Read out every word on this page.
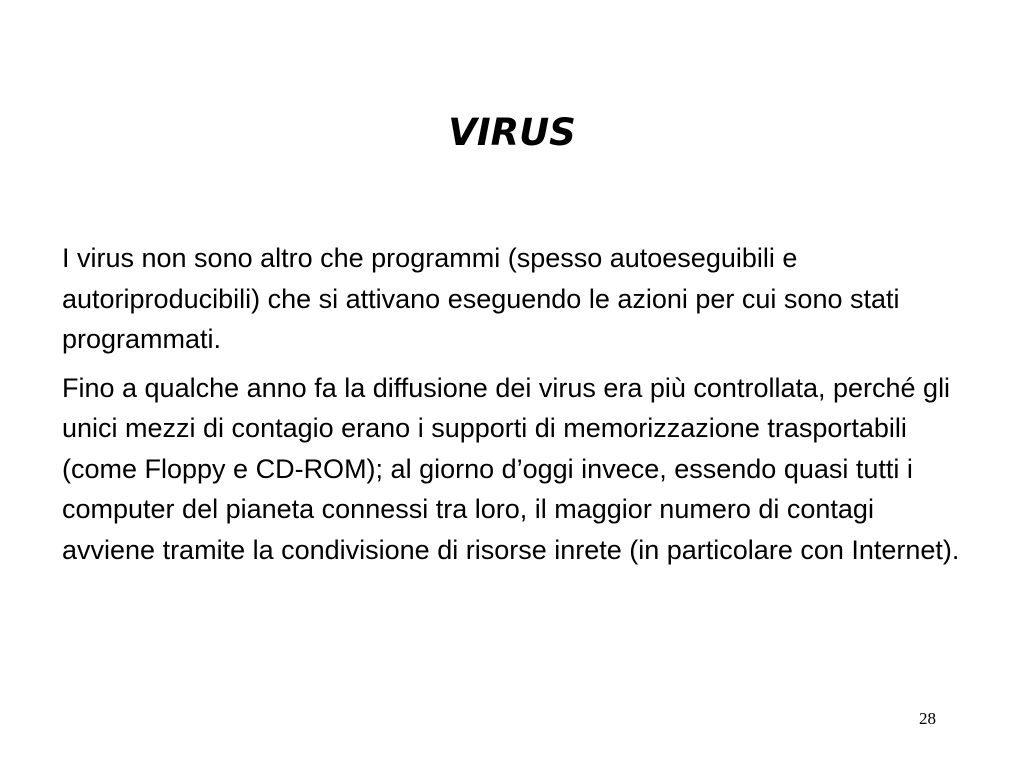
VIRUS

I virus non sono altro che programmi (spesso autoeseguibili e autoriproducibili) che si attivano eseguendo le azioni per cui sono stati programmati.

Fino a qualche anno fa la diffusione dei virus era più controllata, perché gli unici mezzi di contagio erano i supporti di memorizzazione trasportabili (come Floppy e CD-ROM); al giorno d’oggi invece, essendo quasi tutti i computer del pianeta connessi tra loro, il maggior numero di contagi avviene tramite la condivisione di risorse inrete (in particolare con Internet).

28
